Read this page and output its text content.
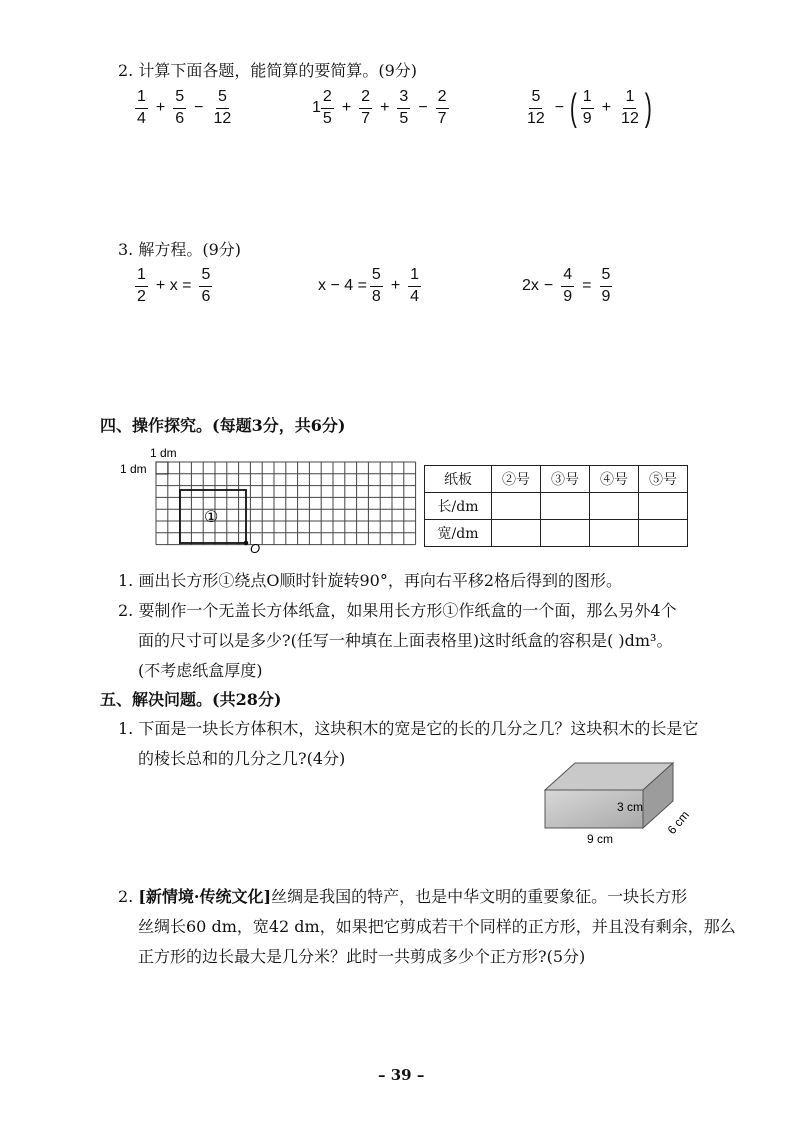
2. 计算下面各题，能简算的要简算。(9分)
$\frac{1}{4} + \frac{5}{6} - \frac{5}{12}$	$1 \frac{2}{5} + \frac{2}{7} + \frac{3}{5} - \frac{2}{7}$	$\frac{5}{12}$ − ( $\frac{1}{9} + \frac{1}{12}$ )
3. 解方程。(9分)
$\frac{1}{2} + x = \frac{5}{6}$	$x - 4 = \frac{5}{8} + \frac{1}{4}$	$2x - \frac{4}{9} = \frac{5}{9}$
四、操作探究。(每题3分，共6分)
1 dm
1 dm
①
O
纸板	②号	③号	④号	⑤号
长/dm				
宽/dm				
1. 画出长方形①绕点O顺时针旋转90°，再向右平移2格后得到的图形。
2. 要制作一个无盖长方体纸盒，如果用长方形①作纸盒的一个面，那么另外4个
面的尺寸可以是多少?(任写一种填在上面表格里)这时纸盒的容积是( )dm³。
(不考虑纸盒厚度)
五、解决问题。(共28分)
1. 下面是一块长方体积木，这块积木的宽是它的长的几分之几？这块积木的长是它
的棱长总和的几分之几?(4分)
3 cm
9 cm
6 cm
2. [新情境·传统文化]丝绸是我国的特产，也是中华文明的重要象征。一块长方形
丝绸长60 dm，宽42 dm，如果把它剪成若干个同样的正方形，并且没有剩余，那么
正方形的边长最大是几分米？此时一共剪成多少个正方形?(5分)
– 39 –
